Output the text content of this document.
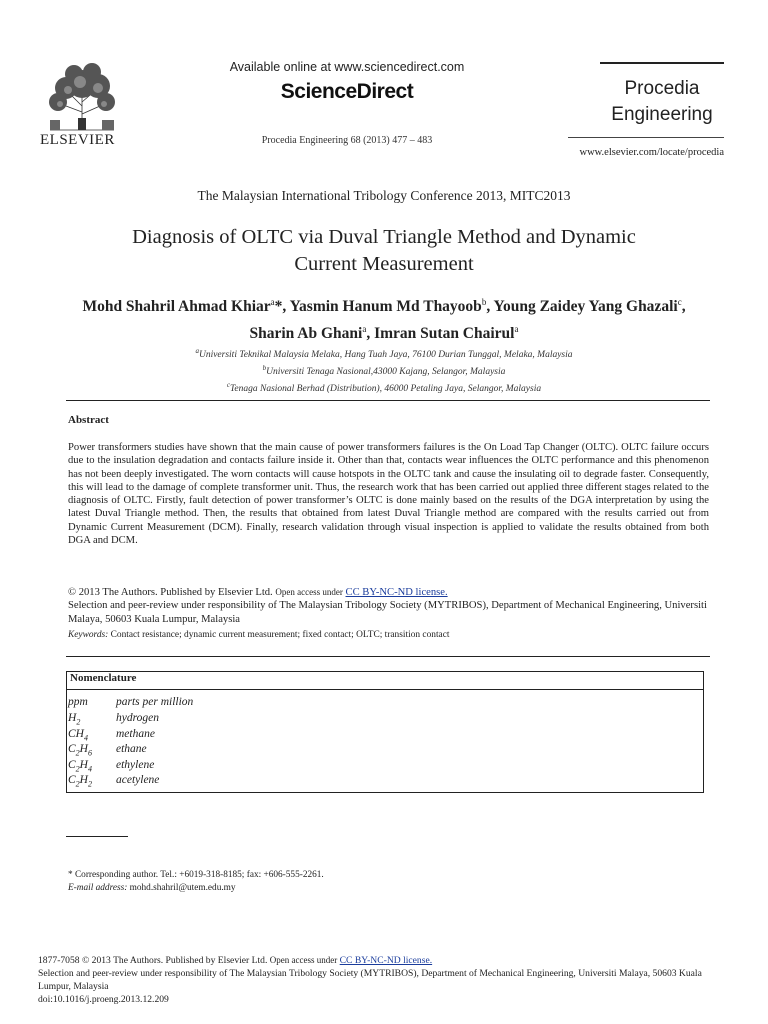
ELSEVIER
Available online at www.sciencedirect.com
ScienceDirect
Procedia Engineering 68 (2013) 477 – 483
Procedia
Engineering
www.elsevier.com/locate/procedia
The Malaysian International Tribology Conference 2013, MITC2013
Diagnosis of OLTC via Duval Triangle Method and Dynamic
Current Measurement
Mohd Shahril Ahmad Khiar$^a$*, Yasmin Hanum Md Thayoob$^b$, Young Zaidey Yang Ghazali$^c$, Sharin Ab Ghani$^a$, Imran Sutan Chairul$^a$
$^a$Universiti Teknikal Malaysia Melaka, Hang Tuah Jaya, 76100 Durian Tunggal, Melaka, Malaysia
$^b$Universiti Tenaga Nasional,43000 Kajang, Selangor, Malaysia
$^c$Tenaga Nasional Berhad (Distribution), 46000 Petaling Jaya, Selangor, Malaysia
Abstract
Power transformers studies have shown that the main cause of power transformers failures is the On Load Tap Changer (OLTC). OLTC failure occurs due to the insulation degradation and contacts failure inside it. Other than that, contacts wear influences the OLTC performance and this phenomenon has not been deeply investigated. The worn contacts will cause hotspots in the OLTC tank and cause the insulating oil to degrade faster. Consequently, this will lead to the damage of complete transformer unit. Thus, the research work that has been carried out applied three different stages related to the diagnosis of OLTC. Firstly, fault detection of power transformer’s OLTC is done mainly based on the results of the DGA interpretation by using the latest Duval Triangle method. Then, the results that obtained from latest Duval Triangle method are compared with the results carried out from Dynamic Current Measurement (DCM). Finally, research validation through visual inspection is applied to validate the results obtained from both DGA and DCM.
© 2013 The Authors. Published by Elsevier Ltd. Open access under CC BY-NC-ND license.
Selection and peer-review under responsibility of The Malaysian Tribology Society (MYTRIBOS), Department of Mechanical Engineering, Universiti Malaya, 50603 Kuala Lumpur, Malaysia
Keywords: Contact resistance; dynamic current measurement; fixed contact; OLTC; transition contact
Nomenclature
ppm parts per million
$H_2$	hydrogen
$CH_4$ methane
$C_2H_6$ ethane
$C_2H_4$ ethylene
$C_2H_2$ acetylene
* Corresponding author. Tel.: +6019-318-8185; fax: +606-555-2261.
E-mail address: mohd.shahril@utem.edu.my
1877-7058 © 2013 The Authors. Published by Elsevier Ltd. Open access under CC BY-NC-ND license.
Selection and peer-review under responsibility of The Malaysian Tribology Society (MYTRIBOS), Department of Mechanical Engineering, Universiti Malaya, 50603 Kuala Lumpur, Malaysia
doi:10.1016/j.proeng.2013.12.209
